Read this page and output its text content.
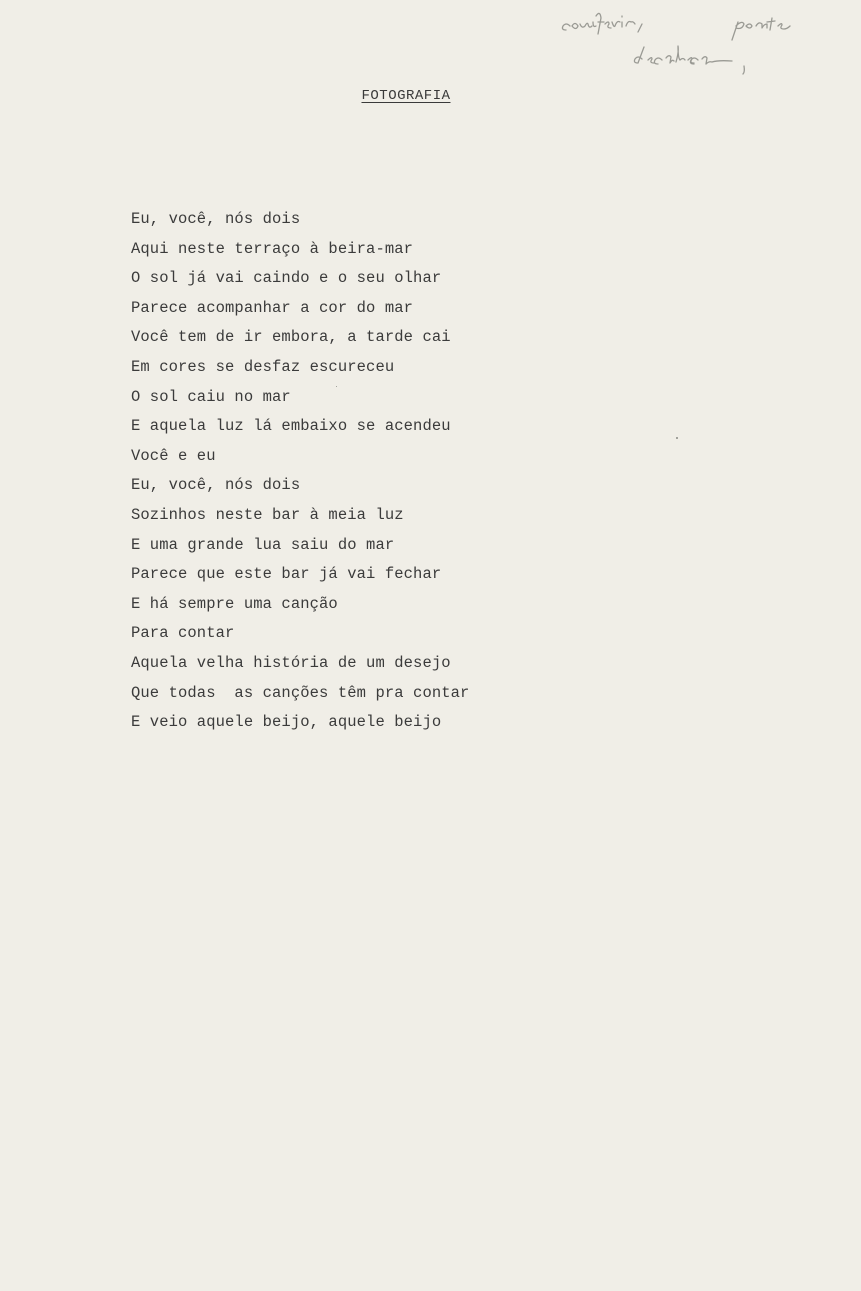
FOTOGRAFIA
Eu, você, nós dois
Aqui neste terraço à beira-mar
O sol já vai caindo e o seu olhar
Parece acompanhar a cor do mar
Você tem de ir embora, a tarde cai
Em cores se desfaz escureceu
O sol caiu no mar
E aquela luz lá embaixo se acendeu
Você e eu
Eu, você, nós dois
Sozinhos neste bar à meia luz
E uma grande lua saiu do mar
Parece que este bar já vai fechar
E há sempre uma canção
Para contar
Aquela velha história de um desejo
Que todas  as canções têm pra contar
E veio aquele beijo, aquele beijo
